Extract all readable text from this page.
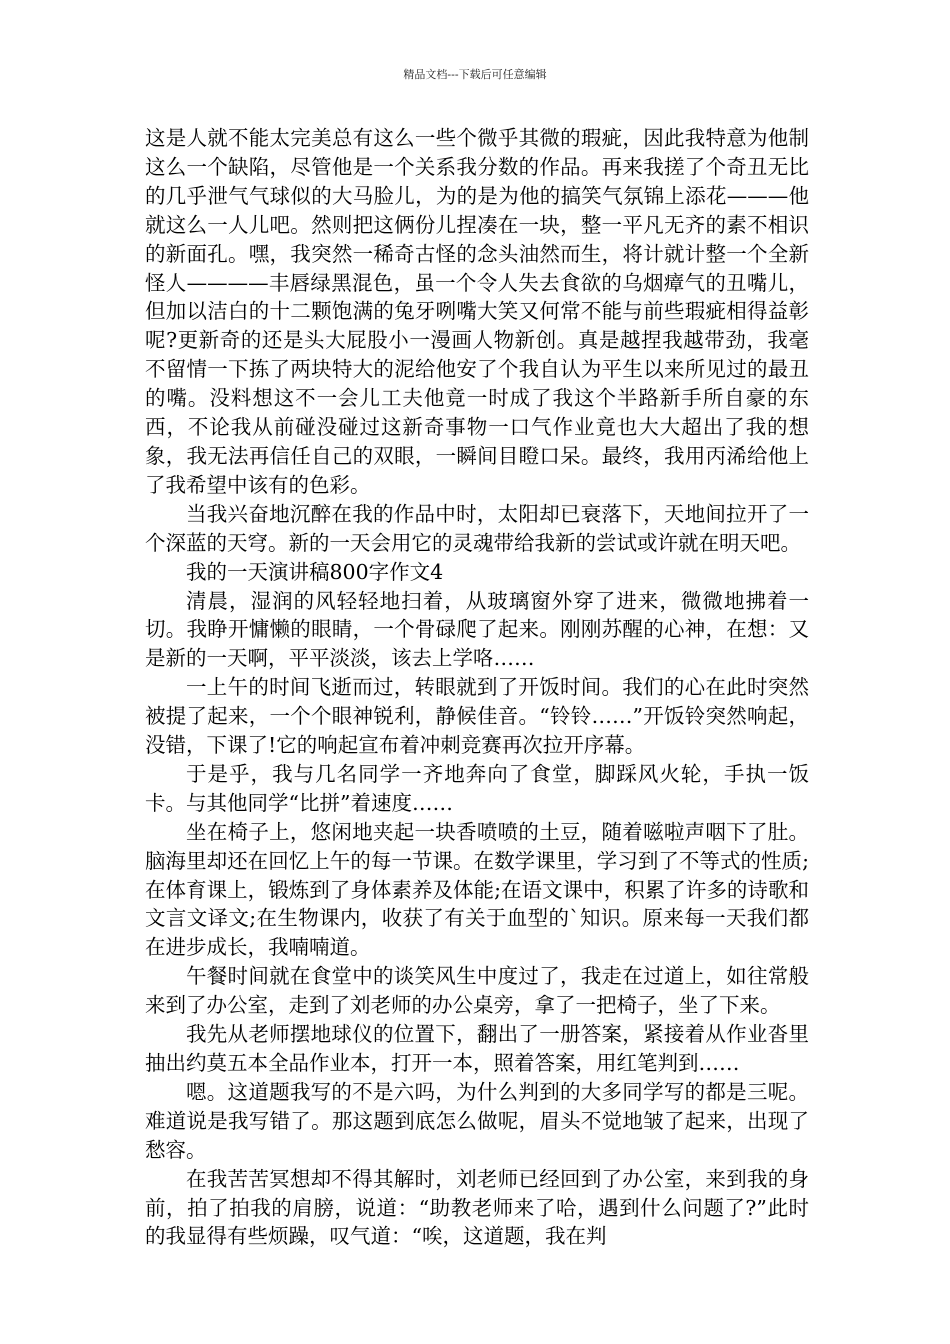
精品文档---下载后可任意编辑

这是人就不能太完美总有这么一些个微乎其微的瑕疵，因此我特意为他制这么一个缺陷，尽管他是一个关系我分数的作品。再来我搓了个奇丑无比的几乎泄气气球似的大马脸儿，为的是为他的搞笑气氛锦上添花———他就这么一人儿吧。然则把这俩份儿捏凑在一块，整一平凡无齐的素不相识的新面孔。嘿，我突然一稀奇古怪的念头油然而生，将计就计整一个全新怪人————丰唇绿黑混色，虽一个令人失去食欲的乌烟瘴气的丑嘴儿，但加以洁白的十二颗饱满的兔牙咧嘴大笑又何常不能与前些瑕疵相得益彰呢?更新奇的还是头大屁股小一漫画人物新创。真是越捏我越带劲，我毫不留情一下拣了两块特大的泥给他安了个我自认为平生以来所见过的最丑的嘴。没料想这不一会儿工夫他竟一时成了我这个半路新手所自豪的东西，不论我从前碰没碰过这新奇事物一口气作业竟也大大超出了我的想象，我无法再信任自己的双眼，一瞬间目瞪口呆。最终，我用丙浠给他上了我希望中该有的色彩。

当我兴奋地沉醉在我的作品中时，太阳却已衰落下，天地间拉开了一个深蓝的天穹。新的一天会用它的灵魂带给我新的尝试或许就在明天吧。

我的一天演讲稿800字作文4

清晨，湿润的风轻轻地扫着，从玻璃窗外穿了进来，微微地拂着一切。我睁开慵懒的眼睛，一个骨碌爬了起来。刚刚苏醒的心神，在想：又是新的一天啊，平平淡淡，该去上学咯……

一上午的时间飞逝而过，转眼就到了开饭时间。我们的心在此时突然被提了起来，一个个眼神锐利，静候佳音。“铃铃……”开饭铃突然响起，没错，下课了!它的响起宣布着冲刺竞赛再次拉开序幕。

于是乎，我与几名同学一齐地奔向了食堂，脚踩风火轮，手执一饭卡。与其他同学“比拼”着速度……

坐在椅子上，悠闲地夹起一块香喷喷的土豆，随着嗞啦声咽下了肚。脑海里却还在回忆上午的每一节课。在数学课里，学习到了不等式的性质;在体育课上，锻炼到了身体素养及体能;在语文课中，积累了许多的诗歌和文言文译文;在生物课内，收获了有关于血型的`知识。原来每一天我们都在进步成长，我喃喃道。

午餐时间就在食堂中的谈笑风生中度过了，我走在过道上，如往常般来到了办公室，走到了刘老师的办公桌旁，拿了一把椅子，坐了下来。

我先从老师摆地球仪的位置下，翻出了一册答案，紧接着从作业沓里抽出约莫五本全品作业本，打开一本，照着答案，用红笔判到……

嗯。这道题我写的不是六吗，为什么判到的大多同学写的都是三呢。难道说是我写错了。那这题到底怎么做呢，眉头不觉地皱了起来，出现了愁容。

在我苦苦冥想却不得其解时，刘老师已经回到了办公室，来到我的身前，拍了拍我的肩膀，说道：“助教老师来了哈，遇到什么问题了?”此时的我显得有些烦躁，叹气道：“唉，这道题，我在判
